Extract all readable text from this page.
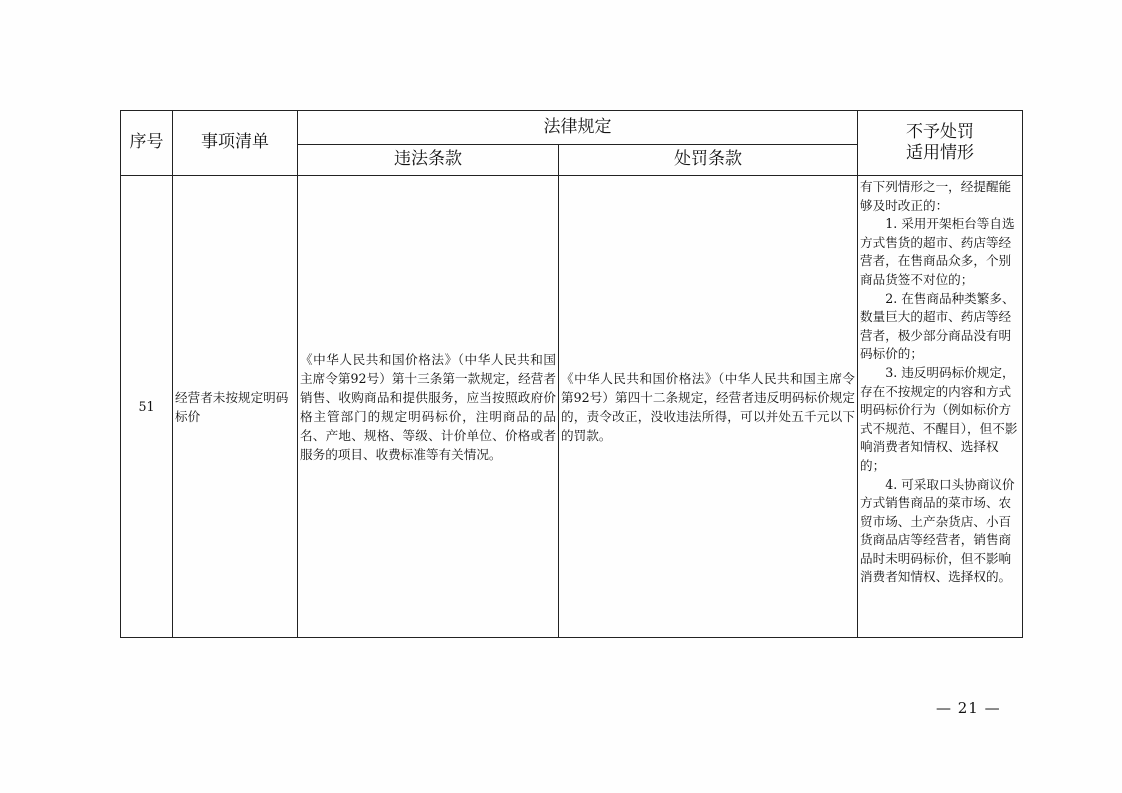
序号	事项清单	法律规定		不予处罚
适用情形

		违法条款	处罚条款	
51	经营者未按规定明码标价	《中华人民共和国价格法》（中华人民共和国主席令第92号）第十三条第一款规定，经营者销售、收购商品和提供服务，应当按照政府价格主管部门的规定明码标价，注明商品的品名、产地、规格、等级、计价单位、价格或者服务的项目、收费标准等有关情况。	《中华人民共和国价格法》（中华人民共和国主席令第92号）第四十二条规定，经营者违反明码标价规定的，责令改正，没收违法所得，可以并处五千元以下的罚款。	有下列情形之一，经提醒能够及时改正的：
1. 采用开架柜台等自选方式售货的超市、药店等经营者，在售商品众多，个别商品货签不对位的；
2. 在售商品种类繁多、数量巨大的超市、药店等经营者，极少部分商品没有明码标价的；
3. 违反明码标价规定，存在不按规定的内容和方式明码标价行为（例如标价方式不规范、不醒目），但不影响消费者知情权、选择权的；
4. 可采取口头协商议价方式销售商品的菜市场、农贸市场、土产杂货店、小百货商品店等经营者，销售商品时未明码标价，但不影响消费者知情权、选择权的。
— 21 —
